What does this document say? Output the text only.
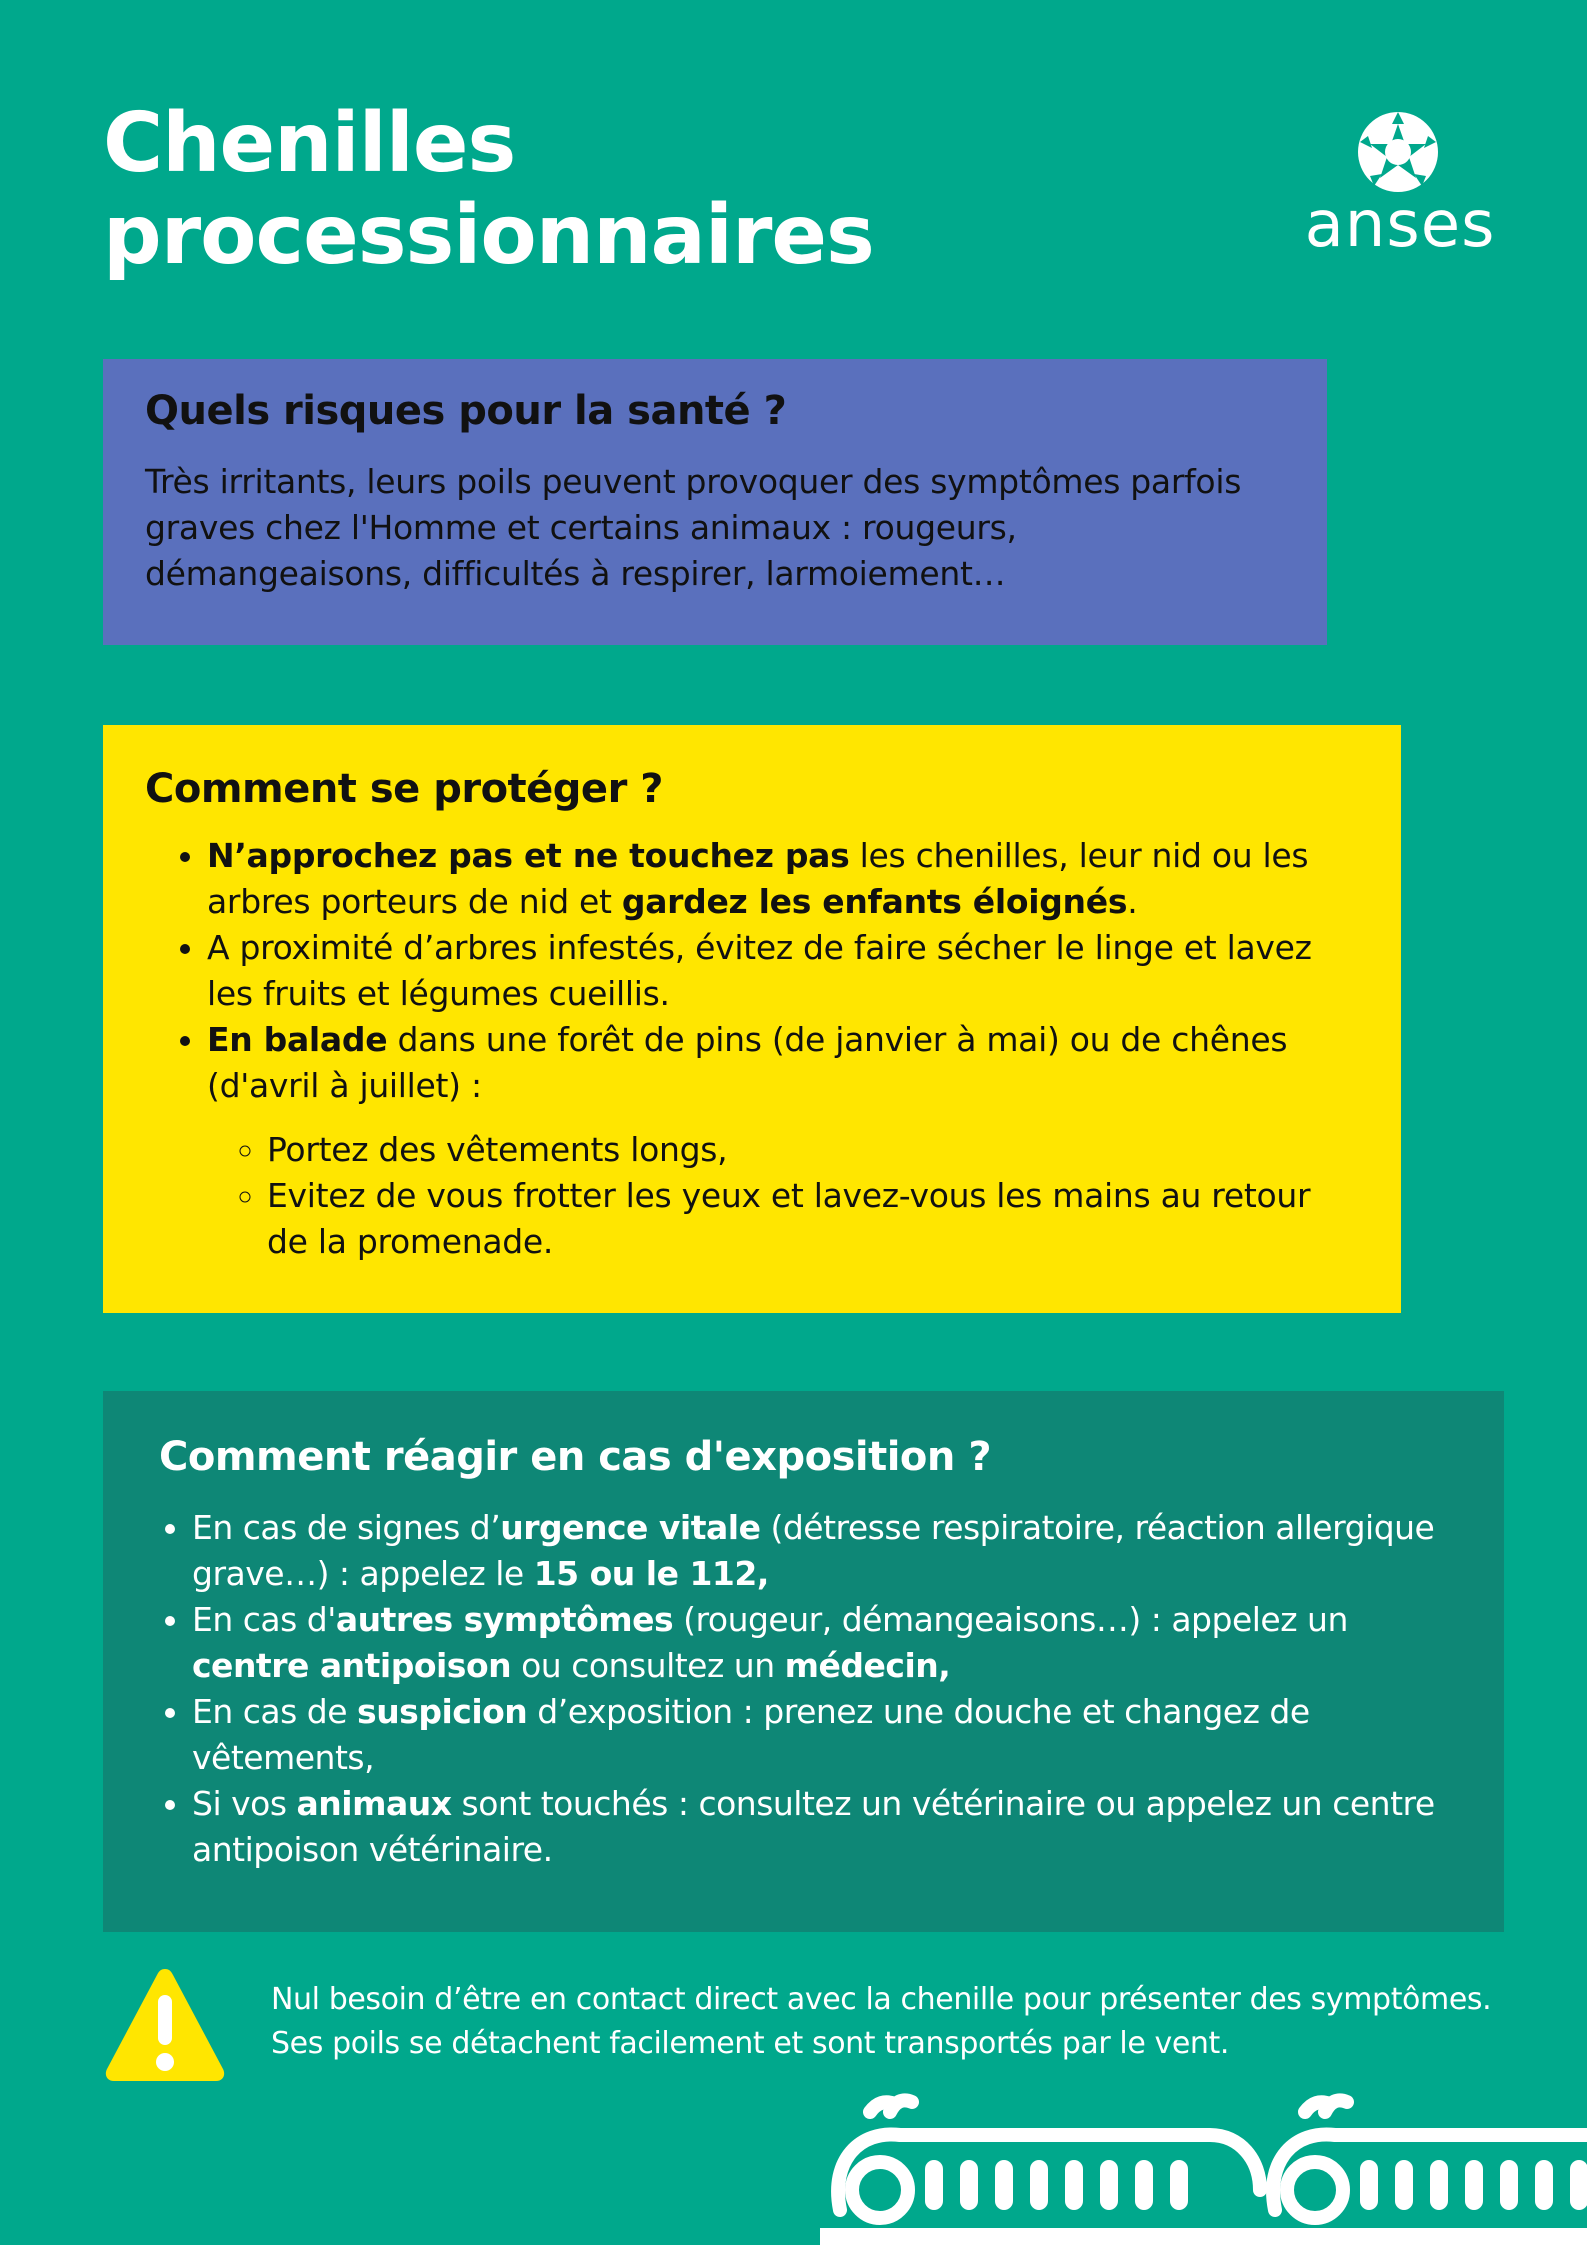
Chenilles
processionnaires	anses
Quels risques pour la santé ?

Très irritants, leurs poils peuvent provoquer des symptômes parfois graves chez l'Homme et certains animaux : rougeurs, démangeaisons, difficultés à respirer, larmoiement…

Comment se protéger ?
• N’approchez pas et ne touchez pas les chenilles, leur nid ou les arbres porteurs de nid et gardez les enfants éloignés.
• A proximité d’arbres infestés, évitez de faire sécher le linge et lavez les fruits et légumes cueillis.
• En balade dans une forêt de pins (de janvier à mai) ou de chênes (d'avril à juillet) :
◦ Portez des vêtements longs,
◦ Evitez de vous frotter les yeux et lavez-vous les mains au retour de la promenade.
Comment réagir en cas d'exposition ?
• En cas de signes d’urgence vitale (détresse respiratoire, réaction allergique grave…) : appelez le 15 ou le 112,
• En cas d'autres symptômes (rougeur, démangeaisons…) : appelez un centre antipoison ou consultez un médecin,
• En cas de suspicion d’exposition : prenez une douche et changez de vêtements,
• Si vos animaux sont touchés : consultez un vétérinaire ou appelez un centre antipoison vétérinaire.

Nul besoin d’être en contact direct avec la chenille pour présenter des symptômes.
Ses poils se détachent facilement et sont transportés par le vent.
